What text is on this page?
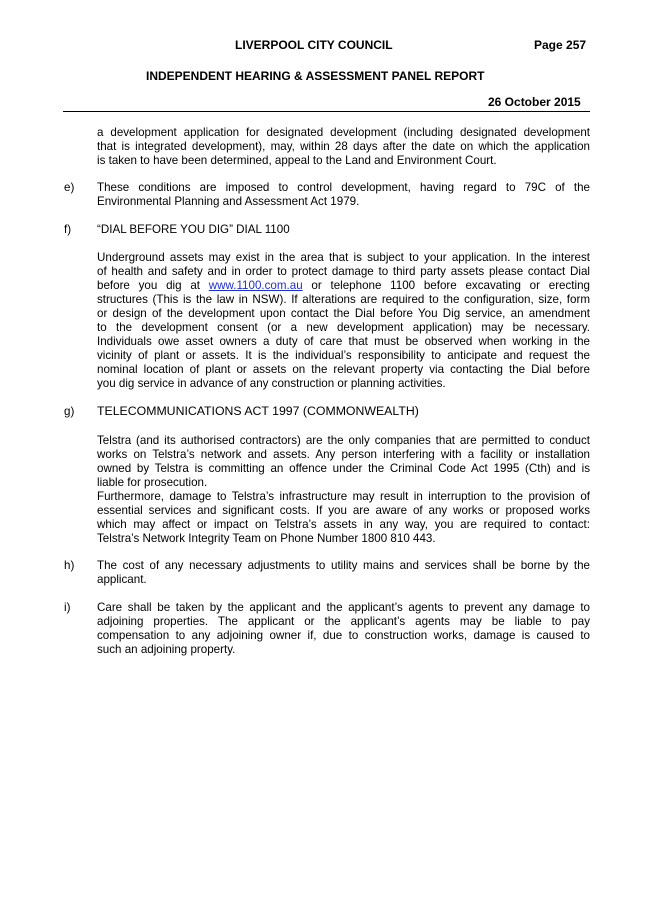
LIVERPOOL CITY COUNCIL	Page 257
INDEPENDENT HEARING & ASSESSMENT PANEL REPORT
26 October 2015
a development application for designated development (including designated development
that is integrated development), may, within 28 days after the date on which the application
is taken to have been determined, appeal to the Land and Environment Court.
e) These conditions are imposed to control development, having regard to 79C of the
Environmental Planning and Assessment Act 1979.
f) “DIAL BEFORE YOU DIG” DIAL 1100
Underground assets may exist in the area that is subject to your application. In the interest
of health and safety and in order to protect damage to third party assets please contact Dial
before you dig at www.1100.com.au or telephone 1100 before excavating or erecting
structures (This is the law in NSW). If alterations are required to the configuration, size, form
or design of the development upon contact the Dial before You Dig service, an amendment
to the development consent (or a new development application) may be necessary.
Individuals owe asset owners a duty of care that must be observed when working in the
vicinity of plant or assets. It is the individual’s responsibility to anticipate and request the
nominal location of plant or assets on the relevant property via contacting the Dial before
you dig service in advance of any construction or planning activities.
g) TELECOMMUNICATIONS ACT 1997 (COMMONWEALTH)
Telstra (and its authorised contractors) are the only companies that are permitted to conduct
works on Telstra’s network and assets. Any person interfering with a facility or installation
owned by Telstra is committing an offence under the Criminal Code Act 1995 (Cth) and is
liable for prosecution.
Furthermore, damage to Telstra’s infrastructure may result in interruption to the provision of
essential services and significant costs. If you are aware of any works or proposed works
which may affect or impact on Telstra’s assets in any way, you are required to contact:
Telstra’s Network Integrity Team on Phone Number 1800 810 443.
h) The cost of any necessary adjustments to utility mains and services shall be borne by the
applicant.
i) Care shall be taken by the applicant and the applicant’s agents to prevent any damage to
adjoining properties. The applicant or the applicant’s agents may be liable to pay
compensation to any adjoining owner if, due to construction works, damage is caused to
such an adjoining property.
